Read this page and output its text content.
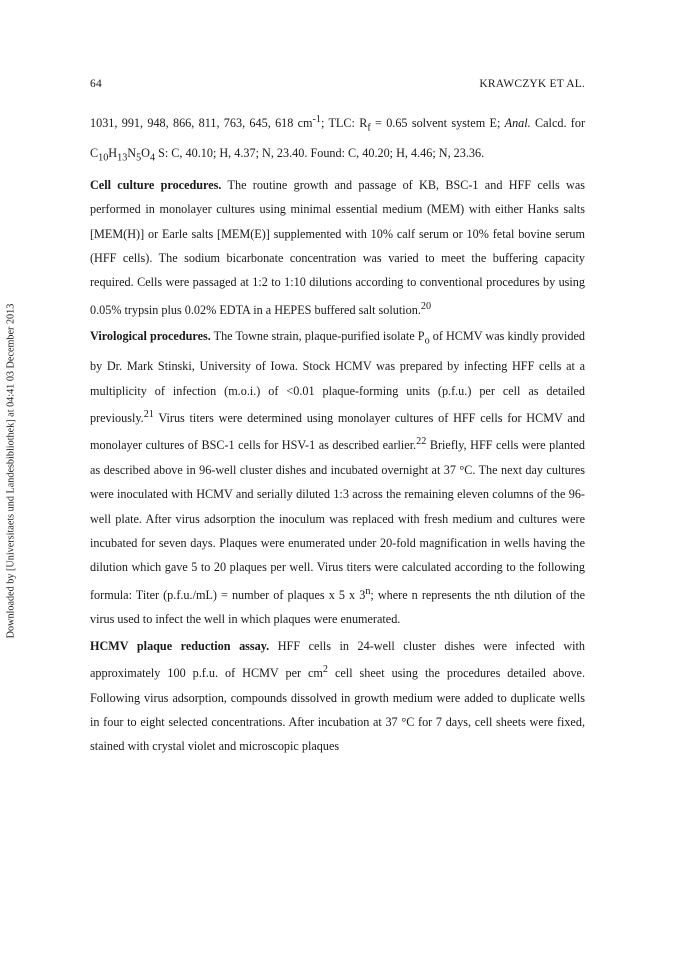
64	KRAWCZYK ET AL.
Downloaded by [Universitaets und Landesbibliothek] at 04:41 03 December 2013

1031, 991, 948, 866, 811, 763, 645, 618 $cm^{-1}$; TLC: $R_f = 0.65$ solvent system E; Anal. Calcd. for $C_{10}H_{13}N_5O_4$ S: C, 40.10; H, 4.37; N, 23.40. Found: C, 40.20; H, 4.46; N, 23.36.

Cell culture procedures. The routine growth and passage of KB, BSC-1 and HFF cells was performed in monolayer cultures using minimal essential medium (MEM) with either Hanks salts [MEM(H)] or Earle salts [MEM(E)] supplemented with 10% calf serum or 10% fetal bovine serum (HFF cells). The sodium bicarbonate concentration was varied to meet the buffering capacity required. Cells were passaged at 1:2 to 1:10 dilutions according to conventional procedures by using 0.05% trypsin plus 0.02% EDTA in a HEPES buffered salt solution.$^{20}$

Virological procedures. The Towne strain, plaque-purified isolate $P_o$ of HCMV was kindly provided by Dr. Mark Stinski, University of Iowa. Stock HCMV was prepared by infecting HFF cells at a multiplicity of infection (m.o.i.) of <0.01 plaque-forming units (p.f.u.) per cell as detailed previously.$^{21}$ Virus titers were determined using monolayer cultures of HFF cells for HCMV and monolayer cultures of BSC-1 cells for HSV-1 as described earlier.$^{22}$ Briefly, HFF cells were planted as described above in 96-well cluster dishes and incubated overnight at 37 °C. The next day cultures were inoculated with HCMV and serially diluted 1:3 across the remaining eleven columns of the 96-well plate. After virus adsorption the inoculum was replaced with fresh medium and cultures were incubated for seven days. Plaques were enumerated under 20-fold magnification in wells having the dilution which gave 5 to 20 plaques per well. Virus titers were calculated according to the following formula: Titer (p.f.u./mL) = number of plaques x 5 x 3$^n$; where n represents the nth dilution of the virus used to infect the well in which plaques were enumerated.

HCMV plaque reduction assay. HFF cells in 24-well cluster dishes were infected with approximately 100 p.f.u. of HCMV per $cm^2$ cell sheet using the procedures detailed above. Following virus adsorption, compounds dissolved in growth medium were added to duplicate wells in four to eight selected concentrations. After incubation at 37 °C for 7 days, cell sheets were fixed, stained with crystal violet and microscopic plaques
